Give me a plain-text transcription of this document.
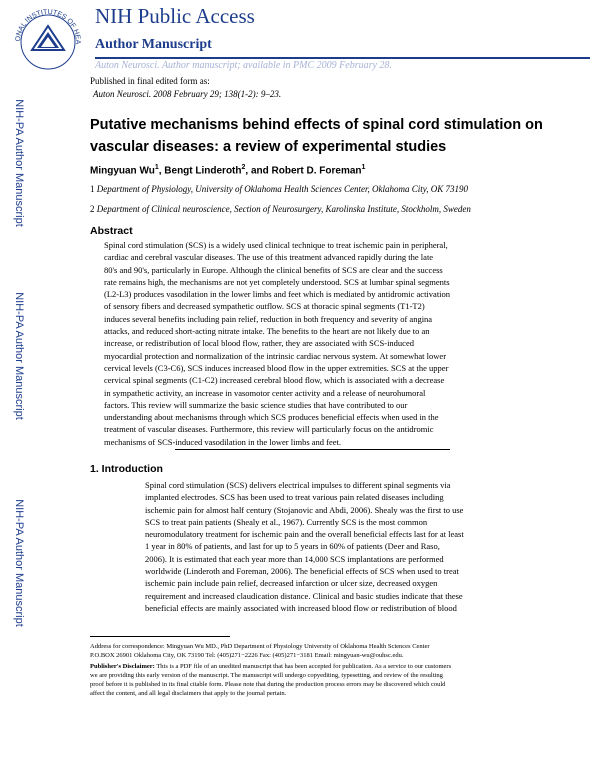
ONAL INSTITUTES OF HEA
NIH Public Access
Author Manuscript
Auton Neurosci. Author manuscript; available in PMC 2009 February 28.
Published in final edited form as:
Auton Neurosci. 2008 February 29; 138(1-2): 9–23.
NIH-PA Author Manuscript
NIH-PA Author Manuscript
NIH-PA Author Manuscript
Putative mechanisms behind effects of spinal cord stimulation on vascular diseases: a review of experimental studies
Mingyuan Wu$^1$, Bengt Linderoth$^2$, and Robert D. Foreman$^1$
1 Department of Physiology, University of Oklahoma Health Sciences Center, Oklahoma City, OK 73190
2 Department of Clinical neuroscience, Section of Neurosurgery, Karolinska Institute, Stockholm, Sweden
Abstract
Spinal cord stimulation (SCS) is a widely used clinical technique to treat ischemic pain in peripheral,
cardiac and cerebral vascular diseases. The use of this treatment advanced rapidly during the late
80's and 90's, particularly in Europe. Although the clinical benefits of SCS are clear and the success
rate remains high, the mechanisms are not yet completely understood. SCS at lumbar spinal segments
(L2-L3) produces vasodilation in the lower limbs and feet which is mediated by antidromic activation
of sensory fibers and decreased sympathetic outflow. SCS at thoracic spinal segments (T1-T2)
induces several benefits including pain relief, reduction in both frequency and severity of angina
attacks, and reduced short-acting nitrate intake. The benefits to the heart are not likely due to an
increase, or redistribution of local blood flow, rather, they are associated with SCS-induced
myocardial protection and normalization of the intrinsic cardiac nervous system. At somewhat lower
cervical levels (C3-C6), SCS induces increased blood flow in the upper extremities. SCS at the upper
cervical spinal segments (C1-C2) increased cerebral blood flow, which is associated with a decrease
in sympathetic activity, an increase in vasomotor center activity and a release of neurohumoral
factors. This review will summarize the basic science studies that have contributed to our
understanding about mechanisms through which SCS produces beneficial effects when used in the
treatment of vascular diseases. Furthermore, this review will particularly focus on the antidromic
mechanisms of SCS-induced vasodilation in the lower limbs and feet.
1. Introduction
Spinal cord stimulation (SCS) delivers electrical impulses to different spinal segments via
implanted electrodes. SCS has been used to treat various pain related diseases including
ischemic pain for almost half century (Stojanovic and Abdi, 2006). Shealy was the first to use
SCS to treat pain patients (Shealy et al., 1967). Currently SCS is the most common
neuromodulatory treatment for ischemic pain and the overall beneficial effects last for at least
1 year in 80% of patients, and last for up to 5 years in 60% of patients (Deer and Raso,
2006). It is estimated that each year more than 14,000 SCS implantations are performed
worldwide (Linderoth and Foreman, 2006). The beneficial effects of SCS when used to treat
ischemic pain include pain relief, decreased infarction or ulcer size, decreased oxygen
requirement and increased claudication distance. Clinical and basic studies indicate that these
beneficial effects are mainly associated with increased blood flow or redistribution of blood
Address for correspondence: Mingyuan Wu MD., PhD Department of Physiology University of Oklahoma Health Sciences Center
P.O.BOX 26901 Oklahoma City, OK 73190 Tel: (405)271−2226 Fax: (405)271−3181 Email: mingyuan-wu@ouhsc.edu.
Publisher's Disclaimer: This is a PDF file of an unedited manuscript that has been accepted for publication. As a service to our customers
we are providing this early version of the manuscript. The manuscript will undergo copyediting, typesetting, and review of the resulting
proof before it is published in its final citable form. Please note that during the production process errors may be discovered which could
affect the content, and all legal disclaimers that apply to the journal pertain.
